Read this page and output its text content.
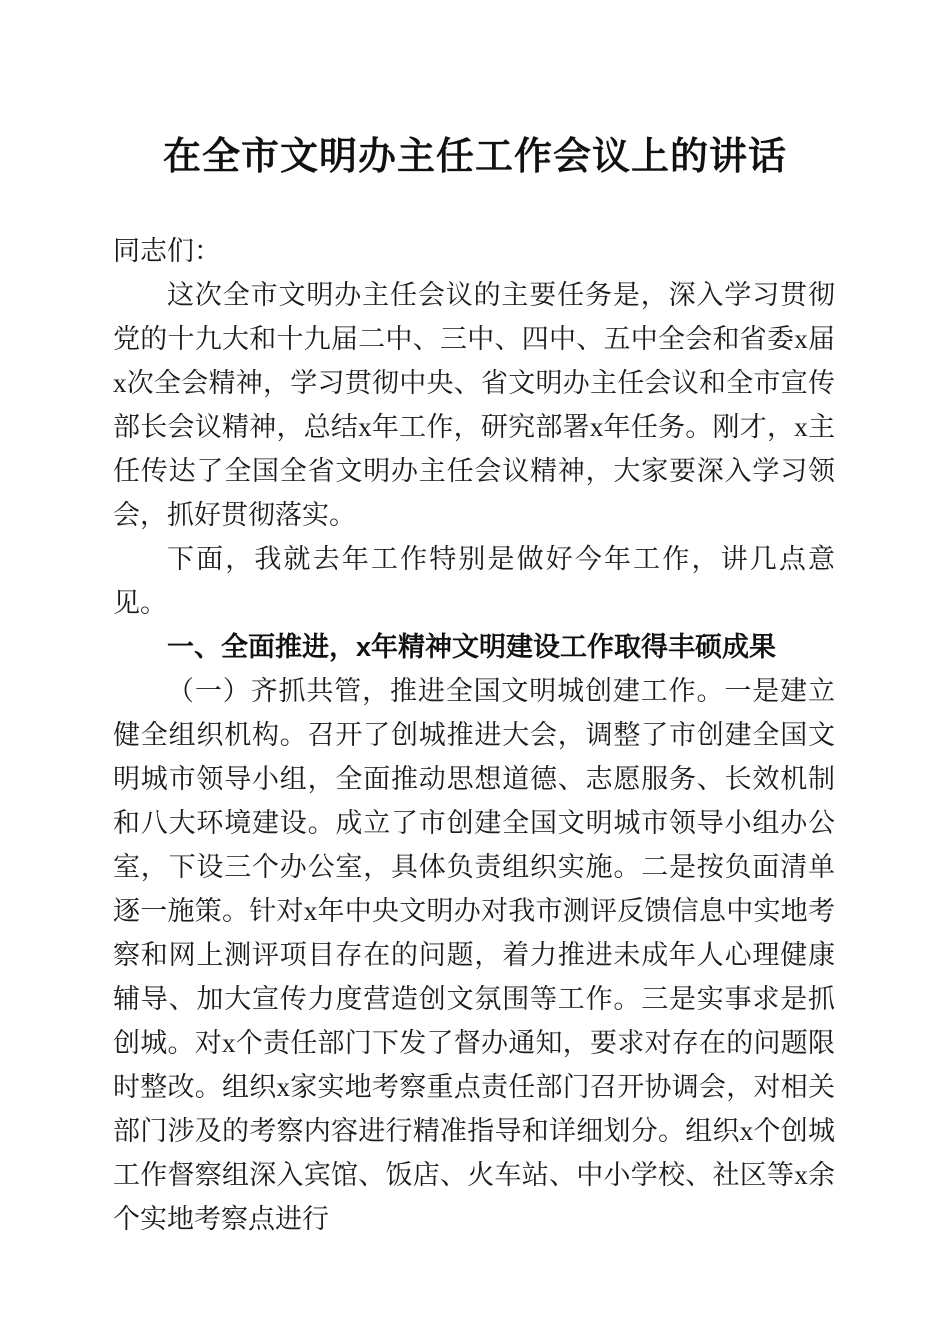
在全市文明办主任工作会议上的讲话

同志们：

这次全市文明办主任会议的主要任务是，深入学习贯彻党的十九大和十九届二中、三中、四中、五中全会和省委x届x次全会精神，学习贯彻中央、省文明办主任会议和全市宣传部长会议精神，总结x年工作，研究部署x年任务。刚才，x主任传达了全国全省文明办主任会议精神，大家要深入学习领会，抓好贯彻落实。

下面，我就去年工作特别是做好今年工作，讲几点意见。

一、全面推进，x年精神文明建设工作取得丰硕成果

（一）齐抓共管，推进全国文明城创建工作。一是建立健全组织机构。召开了创城推进大会，调整了市创建全国文明城市领导小组，全面推动思想道德、志愿服务、长效机制和八大环境建设。成立了市创建全国文明城市领导小组办公室，下设三个办公室，具体负责组织实施。二是按负面清单逐一施策。针对x年中央文明办对我市测评反馈信息中实地考察和网上测评项目存在的问题，着力推进未成年人心理健康辅导、加大宣传力度营造创文氛围等工作。三是实事求是抓创城。对x个责任部门下发了督办通知，要求对存在的问题限时整改。组织x家实地考察重点责任部门召开协调会，对相关部门涉及的考察内容进行精准指导和详细划分。组织x个创城工作督察组深入宾馆、饭店、火车站、中小学校、社区等x余个实地考察点进行
